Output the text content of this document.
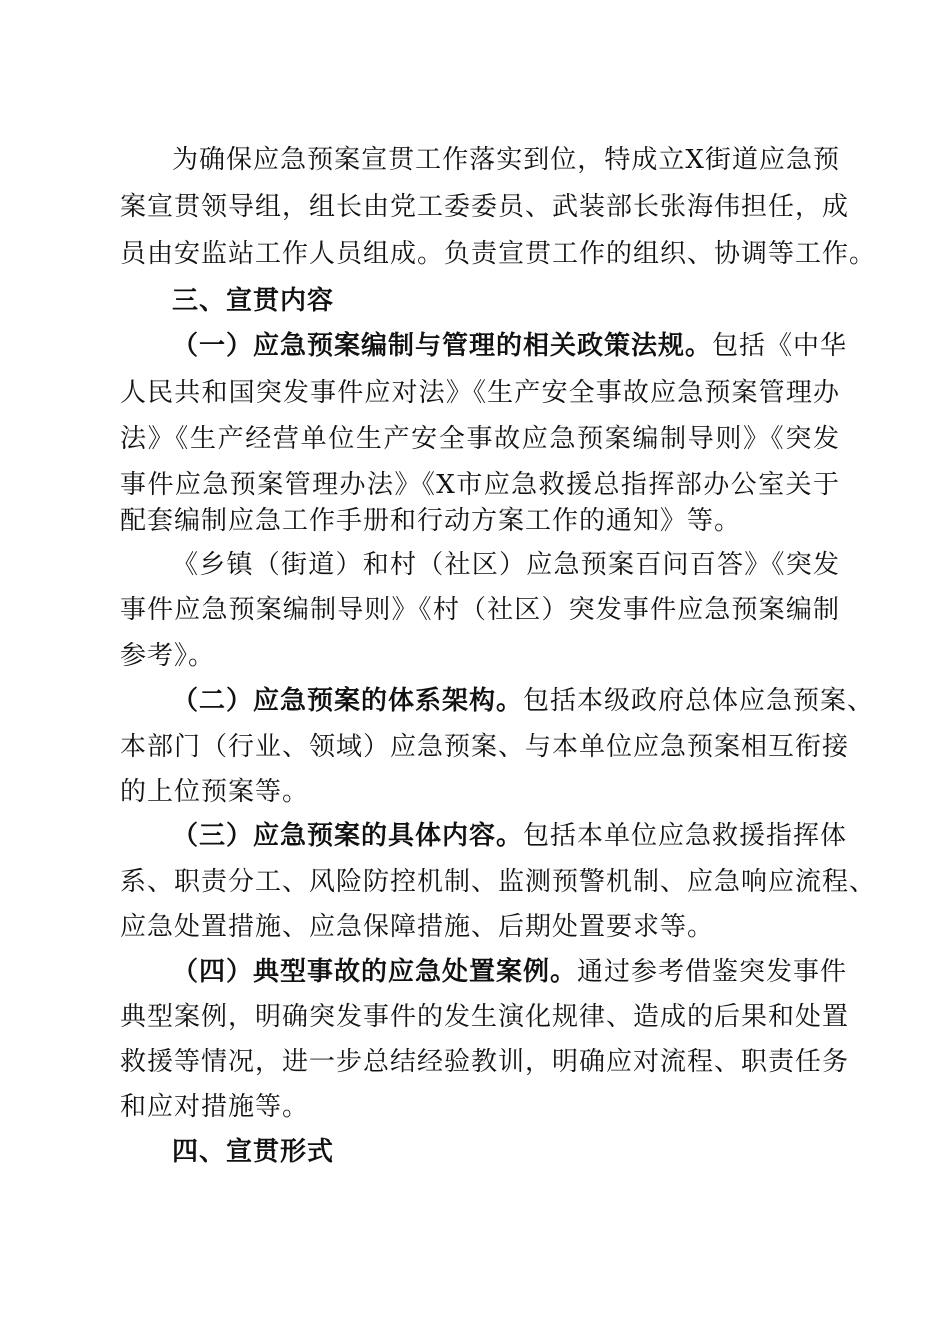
为确保应急预案宣贯工作落实到位，特成立X街道应急预
案宣贯领导组，组长由党工委委员、武装部长张海伟担任，成
员由安监站工作人员组成。负责宣贯工作的组织、协调等工作。
三、宣贯内容
（一）应急预案编制与管理的相关政策法规。包括《中华
人民共和国突发事件应对法》《生产安全事故应急预案管理办
法》《生产经营单位生产安全事故应急预案编制导则》《突发
事件应急预案管理办法》《X市应急救援总指挥部办公室关于
配套编制应急工作手册和行动方案工作的通知》等。
《乡镇（街道）和村（社区）应急预案百问百答》《突发
事件应急预案编制导则》《村（社区）突发事件应急预案编制
参考》。
（二）应急预案的体系架构。包括本级政府总体应急预案、
本部门（行业、领域）应急预案、与本单位应急预案相互衔接
的上位预案等。
（三）应急预案的具体内容。包括本单位应急救援指挥体
系、职责分工、风险防控机制、监测预警机制、应急响应流程、
应急处置措施、应急保障措施、后期处置要求等。
（四）典型事故的应急处置案例。通过参考借鉴突发事件
典型案例，明确突发事件的发生演化规律、造成的后果和处置
救援等情况，进一步总结经验教训，明确应对流程、职责任务
和应对措施等。
四、宣贯形式
